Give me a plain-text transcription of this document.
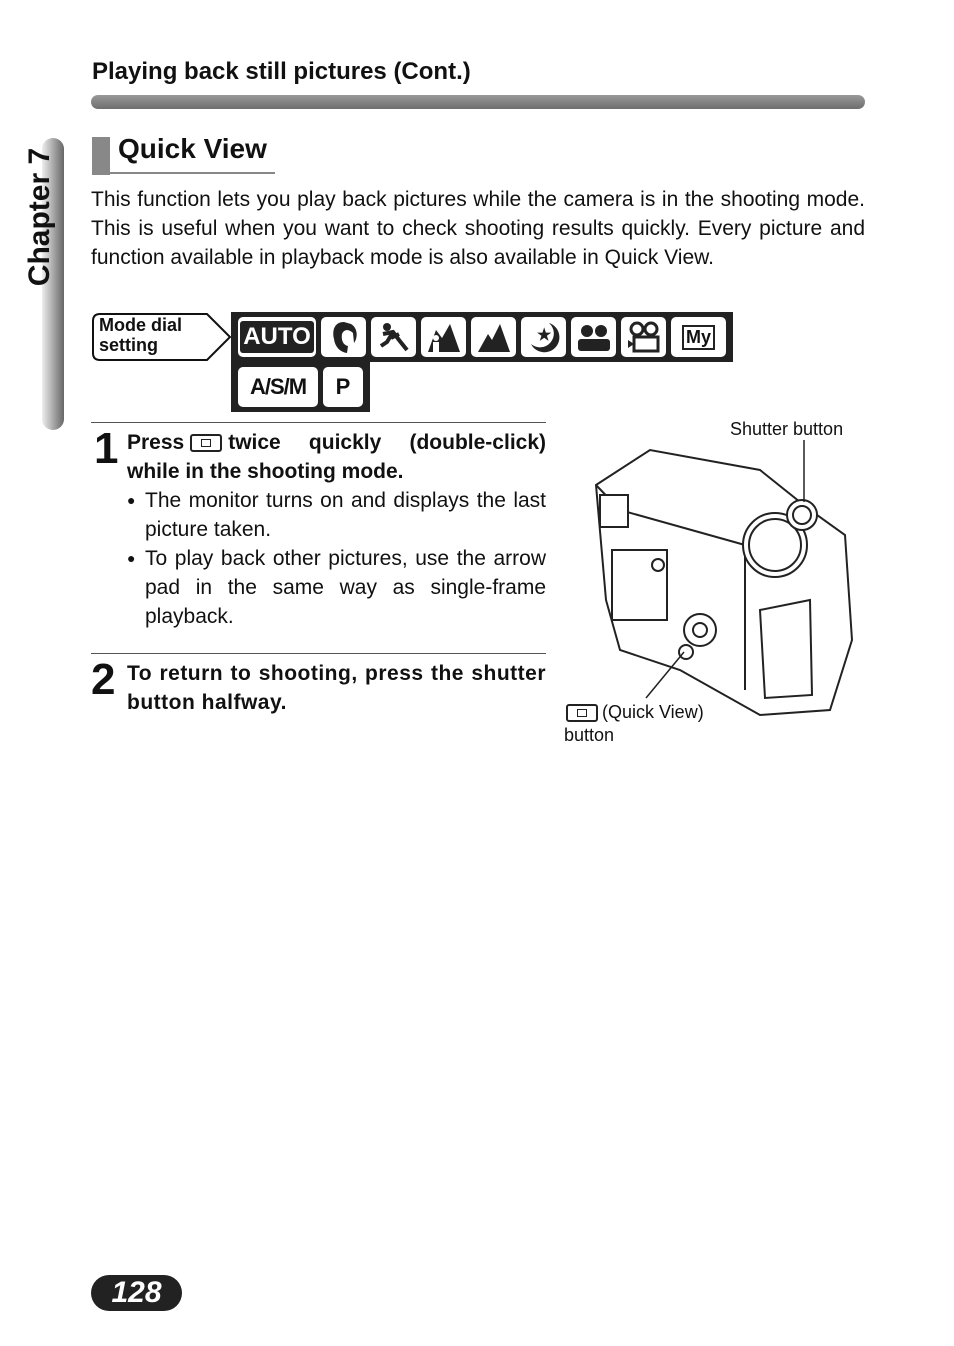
Playing back still pictures (Cont.)
Chapter 7 Quick View
This function lets you play back pictures while the camera is in the shooting mode. This is useful when you want to check shooting results quickly. Every picture and function available in playback mode is also available in Quick View.
Mode dial
setting	AUTO	★	My
A/S/M	P
1 Press twice quickly (double-click) while in the shooting mode.
● The monitor turns on and displays the last picture taken.
● To play back other pictures, use the arrow pad in the same way as single-frame playback.
2 To return to shooting, press the shutter button halfway.
Shutter button
(Quick View)
button
128
